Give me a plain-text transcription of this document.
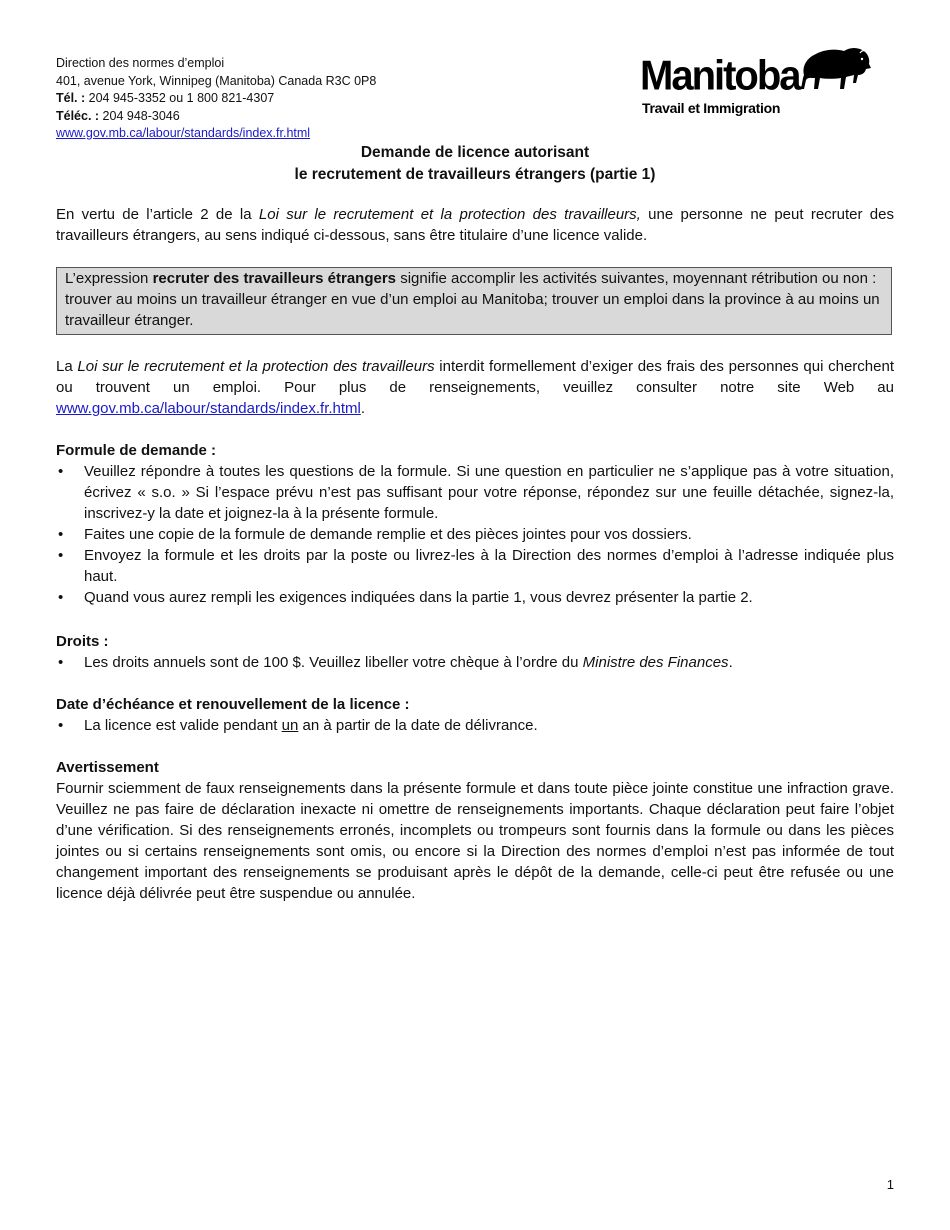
Direction des normes d’emploi
401, avenue York, Winnipeg (Manitoba) Canada R3C 0P8
Tél. : 204 945-3352 ou 1 800 821-4307
Téléc. : 204 948-3046
www.gov.mb.ca/labour/standards/index.fr.html
Manitoba
Travail et Immigration
Demande de licence autorisant
le recrutement de travailleurs étrangers (partie 1)
En vertu de l’article 2 de la Loi sur le recrutement et la protection des travailleurs, une personne ne peut recruter des travailleurs étrangers, au sens indiqué ci-dessous, sans être titulaire d’une licence valide.
L’expression recruter des travailleurs étrangers signifie accomplir les activités suivantes, moyennant rétribution ou non : trouver au moins un travailleur étranger en vue d’un emploi au Manitoba; trouver un emploi dans la province à au moins un travailleur étranger.
La Loi sur le recrutement et la protection des travailleurs interdit formellement d’exiger des frais des personnes qui cherchent ou trouvent un emploi. Pour plus de renseignements, veuillez consulter notre site Web au www.gov.mb.ca/labour/standards/index.fr.html.
Formule de demande :
• Veuillez répondre à toutes les questions de la formule. Si une question en particulier ne s’applique pas à votre situation, écrivez « s.o. » Si l’espace prévu n’est pas suffisant pour votre réponse, répondez sur une feuille détachée, signez-la, inscrivez-y la date et joignez-la à la présente formule.
• Faites une copie de la formule de demande remplie et des pièces jointes pour vos dossiers.
• Envoyez la formule et les droits par la poste ou livrez-les à la Direction des normes d’emploi à l’adresse indiquée plus haut.
• Quand vous aurez rempli les exigences indiquées dans la partie 1, vous devrez présenter la partie 2.
Droits :
• Les droits annuels sont de 100 $. Veuillez libeller votre chèque à l’ordre du Ministre des Finances.
Date d’échéance et renouvellement de la licence :
• La licence est valide pendant un an à partir de la date de délivrance.
Avertissement
Fournir sciemment de faux renseignements dans la présente formule et dans toute pièce jointe constitue une infraction grave. Veuillez ne pas faire de déclaration inexacte ni omettre de renseignements importants. Chaque déclaration peut faire l’objet d’une vérification. Si des renseignements erronés, incomplets ou trompeurs sont fournis dans la formule ou dans les pièces jointes ou si certains renseignements sont omis, ou encore si la Direction des normes d’emploi n’est pas informée de tout changement important des renseignements se produisant après le dépôt de la demande, celle-ci peut être refusée ou une licence déjà délivrée peut être suspendue ou annulée.
1
